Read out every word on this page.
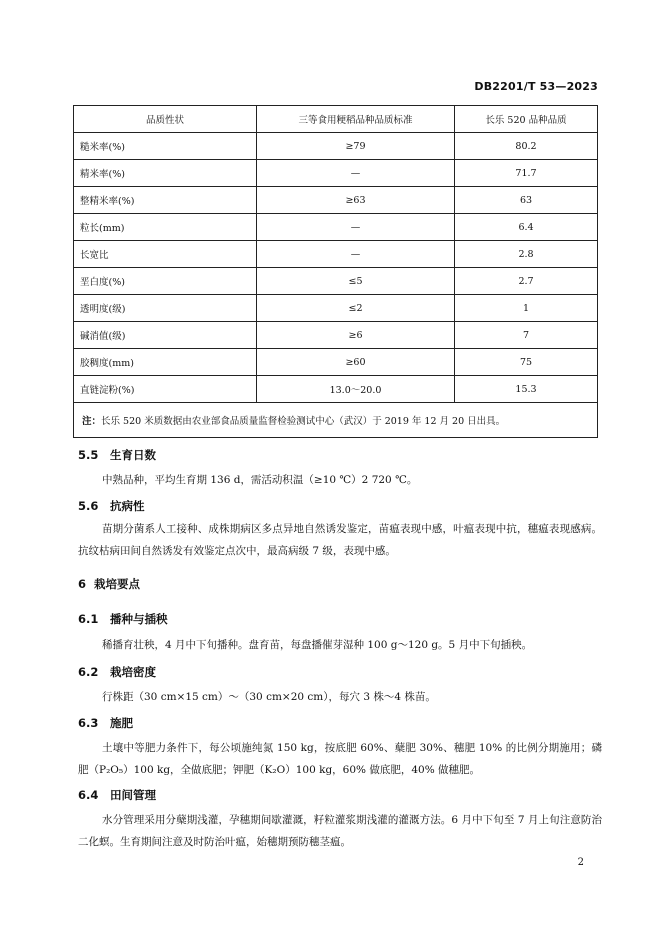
DB2201/T 53—2023
品质性状	三等食用粳稻品种品质标准	长乐 520 品种品质
糙米率(%)	≥79	80.2
精米率(%)	—	71.7
整精米率(%)	≥63	63
粒长(mm)	—	6.4
长宽比	—	2.8
垩白度(%)	≤5	2.7
透明度(级)	≤2	1
碱消值(级)	≥6	7
胶稠度(mm)	≥60	75
直链淀粉(%)	13.0～20.0	15.3
注：长乐 520 米质数据由农业部食品质量监督检验测试中心（武汉）于 2019 年 12 月 20 日出具。		
5.5 生育日数
中熟品种，平均生育期 136 d，需活动积温（≥10 ℃）2 720 ℃。
5.6 抗病性
苗期分菌系人工接种、成株期病区多点异地自然诱发鉴定，苗瘟表现中感，叶瘟表现中抗，穗瘟表现感病。抗纹枯病田间自然诱发有效鉴定点次中，最高病级 7 级，表现中感。
6 栽培要点
6.1 播种与插秧
稀播育壮秧，4 月中下旬播种。盘育苗，每盘播催芽湿种 100 g～120 g。5 月中下旬插秧。
6.2 栽培密度
行株距（30 cm×15 cm）～（30 cm×20 cm），每穴 3 株～4 株苗。
6.3 施肥
土壤中等肥力条件下，每公顷施纯氮 150 kg，按底肥 60%、蘖肥 30%、穗肥 10% 的比例分期施用；磷肥（P₂O₅）100 kg，全做底肥；钾肥（K₂O）100 kg，60% 做底肥，40% 做穗肥。
6.4 田间管理
水分管理采用分蘖期浅灌，孕穗期间歇灌溉，籽粒灌浆期浅灌的灌溉方法。6 月中下旬至 7 月上旬注意防治二化螟。生育期间注意及时防治叶瘟，始穗期预防穗茎瘟。
2
